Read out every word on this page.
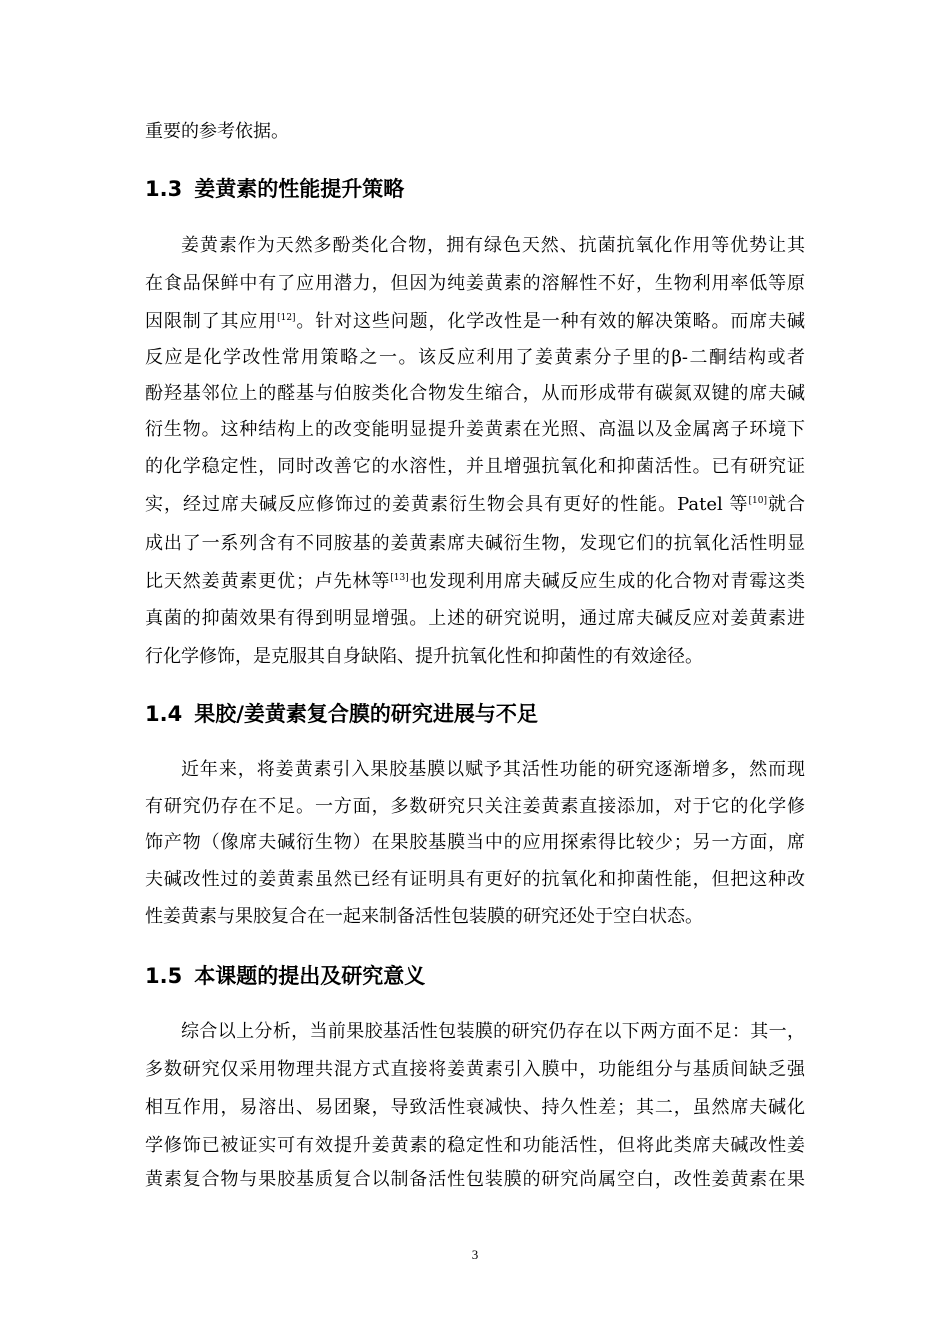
重要的参考依据。
1.3 姜黄素的性能提升策略
姜黄素作为天然多酚类化合物，拥有绿色天然、抗菌抗氧化作用等优势让其
在食品保鲜中有了应用潜力，但因为纯姜黄素的溶解性不好，生物利用率低等原
因限制了其应用[12]。针对这些问题，化学改性是一种有效的解决策略。而席夫碱
反应是化学改性常用策略之一。该反应利用了姜黄素分子里的β-二酮结构或者
酚羟基邻位上的醛基与伯胺类化合物发生缩合，从而形成带有碳氮双键的席夫碱
衍生物。这种结构上的改变能明显提升姜黄素在光照、高温以及金属离子环境下
的化学稳定性，同时改善它的水溶性，并且增强抗氧化和抑菌活性。已有研究证
实，经过席夫碱反应修饰过的姜黄素衍生物会具有更好的性能。Patel 等[10]就合
成出了一系列含有不同胺基的姜黄素席夫碱衍生物，发现它们的抗氧化活性明显
比天然姜黄素更优；卢先林等[13]也发现利用席夫碱反应生成的化合物对青霉这类
真菌的抑菌效果有得到明显增强。上述的研究说明，通过席夫碱反应对姜黄素进
行化学修饰，是克服其自身缺陷、提升抗氧化性和抑菌性的有效途径。
1.4 果胶/姜黄素复合膜的研究进展与不足
近年来，将姜黄素引入果胶基膜以赋予其活性功能的研究逐渐增多，然而现
有研究仍存在不足。一方面，多数研究只关注姜黄素直接添加，对于它的化学修
饰产物（像席夫碱衍生物）在果胶基膜当中的应用探索得比较少；另一方面，席
夫碱改性过的姜黄素虽然已经有证明具有更好的抗氧化和抑菌性能，但把这种改
性姜黄素与果胶复合在一起来制备活性包装膜的研究还处于空白状态。
1.5 本课题的提出及研究意义
综合以上分析，当前果胶基活性包装膜的研究仍存在以下两方面不足：其一，
多数研究仅采用物理共混方式直接将姜黄素引入膜中，功能组分与基质间缺乏强
相互作用，易溶出、易团聚，导致活性衰减快、持久性差；其二，虽然席夫碱化
学修饰已被证实可有效提升姜黄素的稳定性和功能活性，但将此类席夫碱改性姜
黄素复合物与果胶基质复合以制备活性包装膜的研究尚属空白，改性姜黄素在果
3
